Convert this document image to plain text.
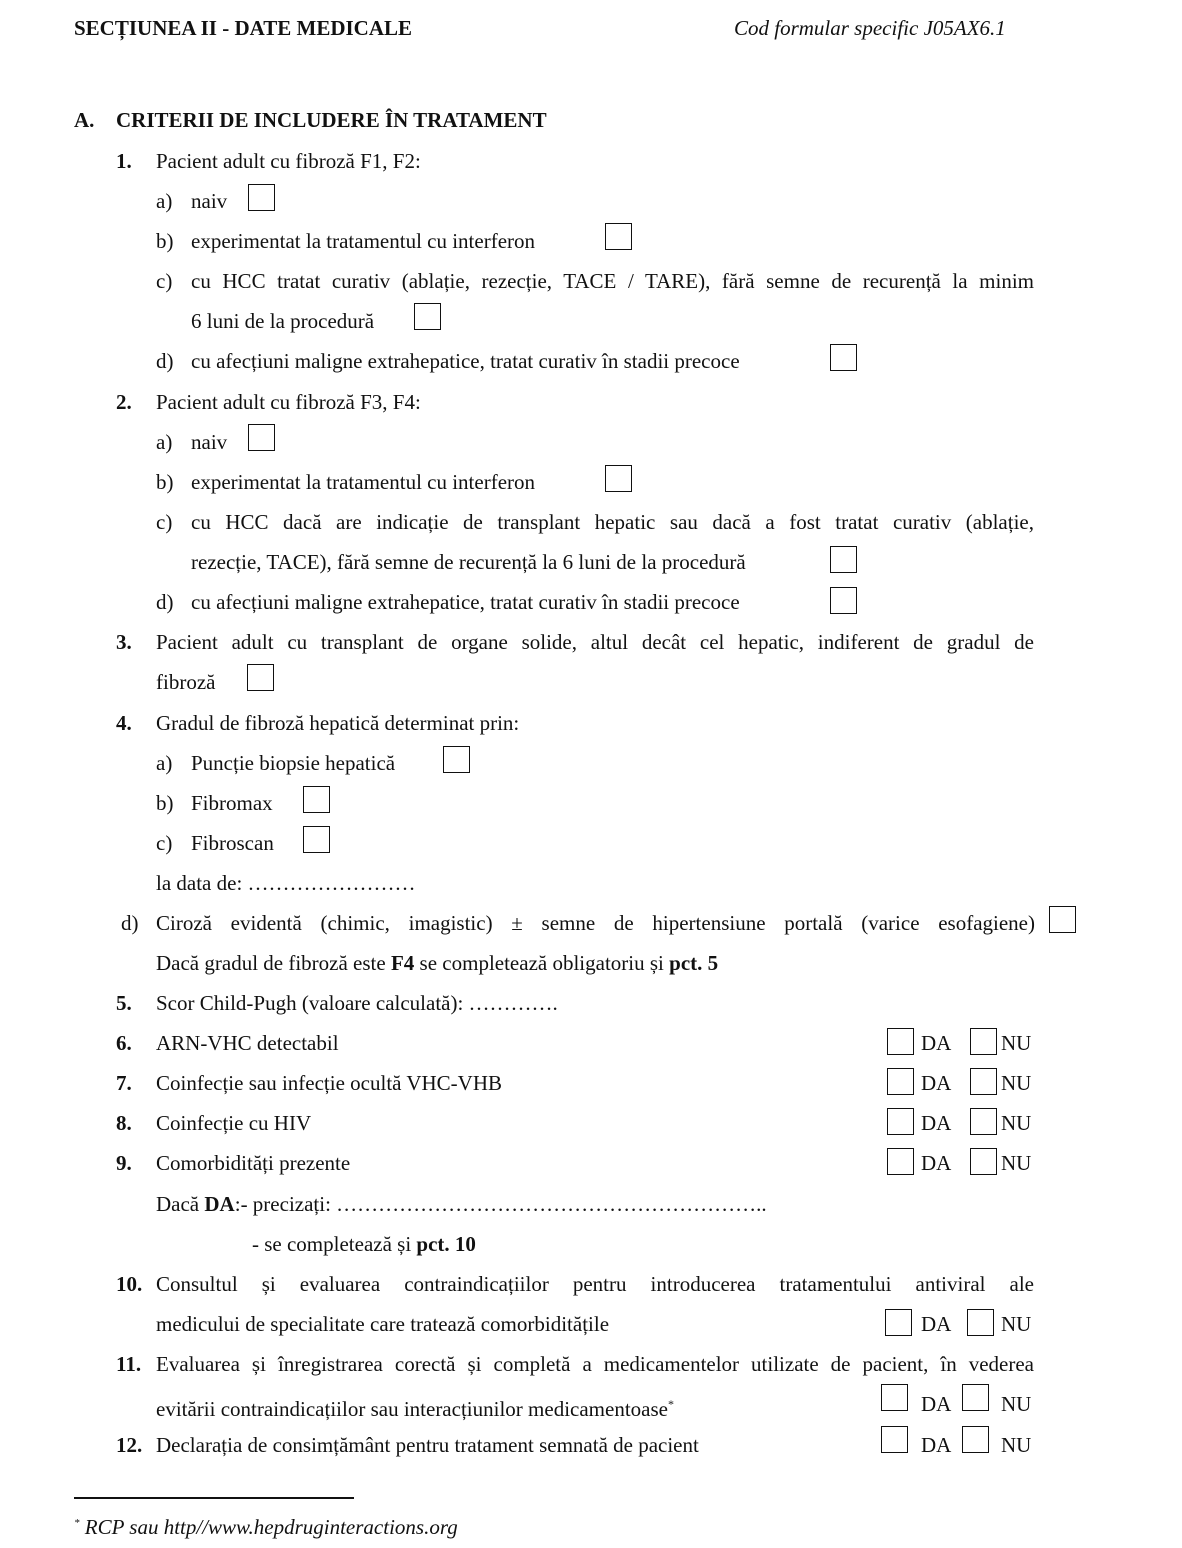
SECȚIUNEA II - DATE MEDICALE	Cod formular specific J05AX6.1
A. CRITERII DE INCLUDERE ÎN TRATAMENT
1. Pacient adult cu fibroză F1, F2:
a) naiv
b) experimentat la tratamentul cu interferon
c) cu HCC tratat curativ (ablație, rezecție, TACE / TARE), fără semne de recurență la minim
6 luni de la procedură
d) cu afecțiuni maligne extrahepatice, tratat curativ în stadii precoce
2. Pacient adult cu fibroză F3, F4:
a) naiv
b) experimentat la tratamentul cu interferon
c) cu HCC dacă are indicație de transplant hepatic sau dacă a fost tratat curativ (ablație,
rezecție, TACE), fără semne de recurență la 6 luni de la procedură
d) cu afecțiuni maligne extrahepatice, tratat curativ în stadii precoce
3. Pacient adult cu transplant de organe solide, altul decât cel hepatic, indiferent de gradul de
fibroză
4. Gradul de fibroză hepatică determinat prin:
a) Puncție biopsie hepatică
b) Fibromax
c) Fibroscan
la data de: ……………………
d) Ciroză evidentă (chimic, imagistic) ± semne de hipertensiune portală (varice esofagiene)
Dacă gradul de fibroză este F4 se completează obligatoriu și pct. 5
5. Scor Child-Pugh (valoare calculată): ………….
6. ARN-VHC detectabil	DA NU
7. Coinfecție sau infecție ocultă VHC-VHB	DA NU
8. Coinfecție cu HIV	DA NU
9. Comorbidități prezente	DA NU
Dacă DA:- precizați: ……………………………………………………..
- se completează și pct. 10
10. Consultul și evaluarea contraindicațiilor pentru introducerea tratamentului antiviral ale
medicului de specialitate care tratează comorbiditățile	DA NU
11. Evaluarea și înregistrarea corectă și completă a medicamentelor utilizate de pacient, în vederea
evitării contraindicațiilor sau interacțiunilor medicamentoase*	DA NU
12. Declarația de consimțământ pentru tratament semnată de pacient	DA NU
* RCP sau http//www.hepdruginteractions.org
